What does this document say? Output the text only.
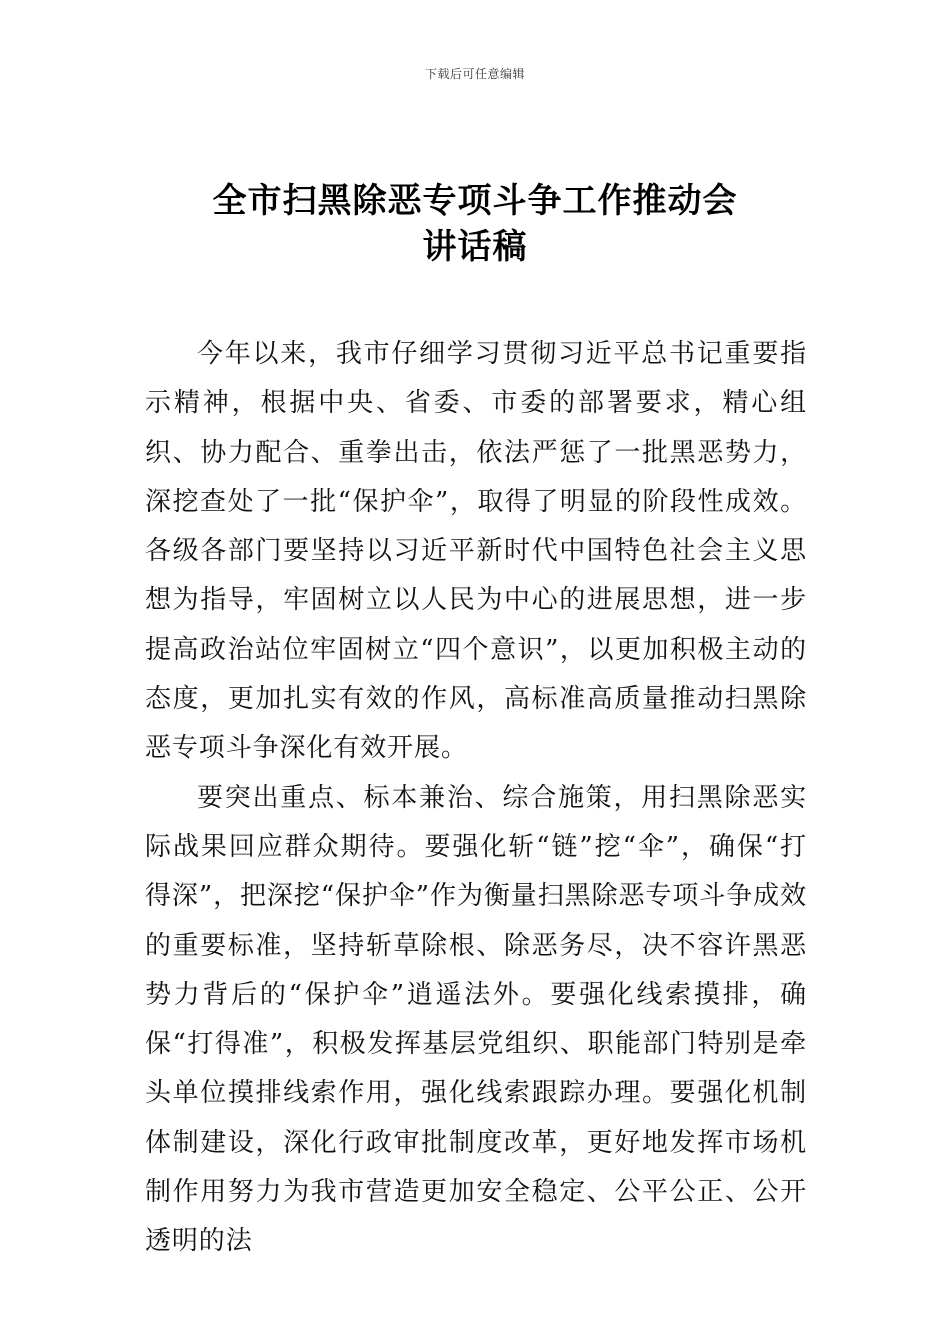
下载后可任意编辑
全市扫黑除恶专项斗争工作推动会
讲话稿

今年以来，我市仔细学习贯彻习近平总书记重要指示精神，根据中央、省委、市委的部署要求，精心组织、协力配合、重拳出击，依法严惩了一批黑恶势力，深挖查处了一批“保护伞”，取得了明显的阶段性成效。各级各部门要坚持以习近平新时代中国特色社会主义思想为指导，牢固树立以人民为中心的进展思想，进一步提高政治站位牢固树立“四个意识”，以更加积极主动的态度，更加扎实有效的作风，高标准高质量推动扫黑除恶专项斗争深化有效开展。

要突出重点、标本兼治、综合施策，用扫黑除恶实际战果回应群众期待。要强化斩“链”挖“伞”，确保“打得深”，把深挖“保护伞”作为衡量扫黑除恶专项斗争成效的重要标准，坚持斩草除根、除恶务尽，决不容许黑恶势力背后的“保护伞”逍遥法外。要强化线索摸排，确保“打得准”，积极发挥基层党组织、职能部门特别是牵头单位摸排线索作用，强化线索跟踪办理。要强化机制体制建设，深化行政审批制度改革，更好地发挥市场机制作用努力为我市营造更加安全稳定、公平公正、公开透明的法
